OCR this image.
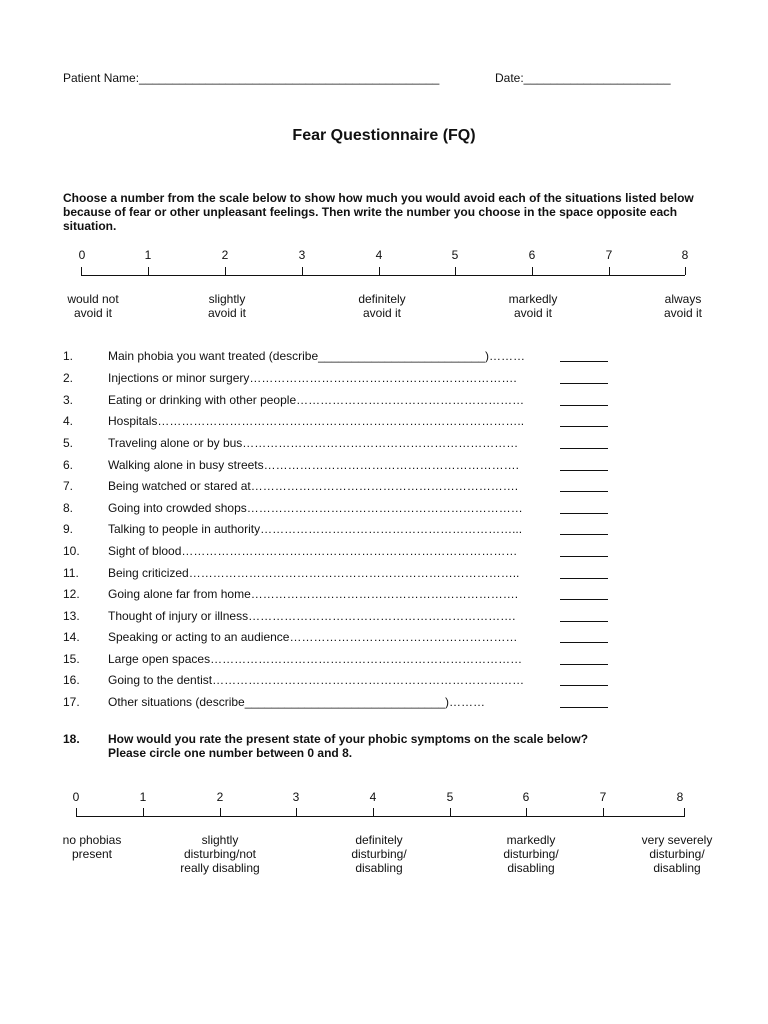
Patient Name:_____________________________________________	Date:______________________
Fear Questionnaire (FQ)
Choose a number from the scale below to show how much you would avoid each of the situations listed below because of fear or other unpleasant feelings. Then write the number you choose in the space opposite each situation.
0	1	2	3	4	5	6	7	8
would not
avoid it
slightly
avoid it
definitely
avoid it
markedly
avoid it
always
avoid it
1.	Main phobia you want treated (describe_________________________)………
2.	Injections or minor surgery………………………………………………………….
3.	Eating or drinking with other people…………………………………………………
4.	Hospitals………………………………………………………………………………..
5.	Traveling alone or by bus……………………………………………………………
6.	Walking alone in busy streets……………………………………………………….
7.	Being watched or stared at………………………………………………………….
8.	Going into crowded shops……………………………………………………………
9.	Talking to people in authority………………………………………………………...
10. Sight of blood…………………………………………………………………………
11. Being criticized………………………………………………………………………..
12. Going alone far from home………………………………………………………….
13. Thought of injury or illness………………………………………………………….
14. Speaking or acting to an audience…………………………………………………
15. Large open spaces……………………………………………………………………
16. Going to the dentist……………………………………………………………………
17. Other situations (describe______________________________)………
18. How would you rate the present state of your phobic symptoms on the scale below?
Please circle one number between 0 and 8.
0	1	2	3	4	5	6	7	8
no phobias
present
slightly
disturbing/not
really disabling
definitely
disturbing/
disabling
markedly
disturbing/
disabling
very severely
disturbing/
disabling
